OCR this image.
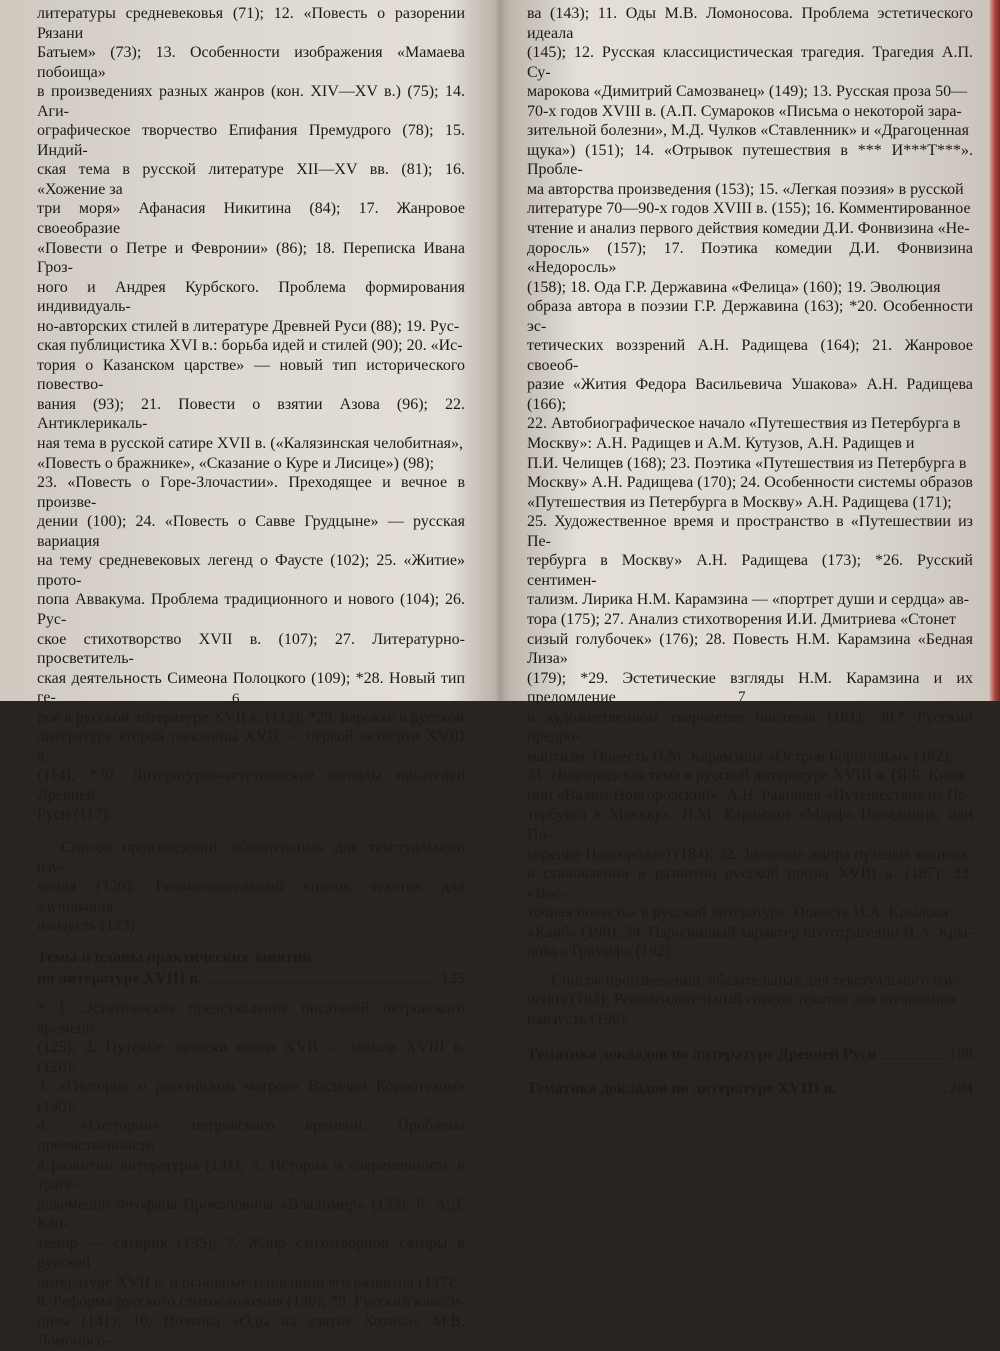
литературы средневековья (71); 12. «Повесть о разорении Рязани
Батыем» (73); 13. Особенности изображения «Мамаева побоища»
в произведениях разных жанров (кон. XIV—XV в.) (75); 14. Аги-
ографическое творчество Епифания Премудрого (78); 15. Индий-
ская тема в русской литературе XII—XV вв. (81); 16. «Хожение за
три моря» Афанасия Никитина (84); 17. Жанровое своеобразие
«Повести о Петре и Февронии» (86); 18. Переписка Ивана Гроз-
ного и Андрея Курбского. Проблема формирования индивидуаль-
но-авторских стилей в литературе Древней Руси (88); 19. Рус-
ская публицистика XVI в.: борьба идей и стилей (90); 20. «Ис-
тория о Казанском царстве» — новый тип исторического повество-
вания (93); 21. Повести о взятии Азова (96); 22. Антиклерикаль-
ная тема в русской сатире XVII в. («Калязинская челобитная»,
«Повесть о бражнике», «Сказание о Куре и Лисице») (98);
23. «Повесть о Горе-Злочастии». Преходящее и вечное в произве-
дении (100); 24. «Повесть о Савве Грудцыне» — русская вариация
на тему средневековых легенд о Фаусте (102); 25. «Житие» прото-
попа Аввакума. Проблема традиционного и нового (104); 26. Рус-
ское стихотворство XVII в. (107); 27. Литературно-просветитель-
ская деятельность Симеона Полоцкого (109); *28. Новый тип ге-
роя в русской литературе XVII в. (112); *29. Барокко в русской
литературе второй половины XVII — первой четверти XVIII в.
(114); *30. Литературно-эстетические взгляды писателей Древней
Руси (117).
Список произведений, обязательных для текстуального изу-
чения (120); Рекомендательный список текстов для заучивания
наизусть (123).
Темы и планы практических занятий
по литературе XVIII в.	125
* 1. Эстетические представления писателей петровского времени
(125); 2. Путевые записки конца XVII — начала XVIII в. (126);
3. «Гистория о российском матросе Василии Кориотском» (130);
4. «Гистории» петровского времени. Проблема преемственности
в развитии литературы (131); 5. История и современность в траге-
докомедии Феофана Прокоповича «Владимир» (133); 6. А.Д. Кан-
темир — сатирик (135); 7. Жанр стихотворной сатиры в русской
литературе XVII в. и основные тенденции его развития (137);
8. Реформа русского стихосложения (139); *9. Русский класси-
цизм (141); 10. Поэтика «Оды на взятие Хотина» М.В. Ломоносо-
6
ва (143); 11. Оды М.В. Ломоносова. Проблема эстетического идеала
(145); 12. Русская классицистическая трагедия. Трагедия А.П. Су-
марокова «Димитрий Самозванец» (149); 13. Русская проза 50—
70-х годов XVIII в. (А.П. Сумароков «Письма о некоторой зара-
зительной болезни», М.Д. Чулков «Ставленник» и «Драгоценная
щука») (151); 14. «Отрывок путешествия в *** И***Т***». Пробле-
ма авторства произведения (153); 15. «Легкая поэзия» в русской
литературе 70—90-х годов XVIII в. (155); 16. Комментированное
чтение и анализ первого действия комедии Д.И. Фонвизина «Не-
доросль» (157); 17. Поэтика комедии Д.И. Фонвизина «Недоросль»
(158); 18. Ода Г.Р. Державина «Фелица» (160); 19. Эволюция
образа автора в поэзии Г.Р. Державина (163); *20. Особенности эс-
тетических воззрений А.Н. Радищева (164); 21. Жанровое своеоб-
разие «Жития Федора Васильевича Ушакова» А.Н. Радищева (166);
22. Автобиографическое начало «Путешествия из Петербурга в
Москву»: А.Н. Радищев и А.М. Кутузов, А.Н. Радищев и
П.И. Челищев (168); 23. Поэтика «Путешествия из Петербурга в
Москву» А.Н. Радищева (170); 24. Особенности системы образов
«Путешествия из Петербурга в Москву» А.Н. Радищева (171);
25. Художественное время и пространство в «Путешествии из Пе-
тербурга в Москву» А.Н. Радищева (173); *26. Русский сентимен-
тализм. Лирика Н.М. Карамзина — «портрет души и сердца» ав-
тора (175); 27. Анализ стихотворения И.И. Дмитриева «Стонет
сизый голубочек» (176); 28. Повесть Н.М. Карамзина «Бедная Лиза»
(179); *29. Эстетические взгляды Н.М. Карамзина и их преломление
в художественном творчестве писателя (181); 30.* Русский предро-
мантизм. Повесть Н.М. Карамзина «Остров Борнгольм» (182);
31. Новгородская тема в русской литературе XVIII в. (Я.Б. Княж-
нин «Вадим Новгородский», А.Н. Радищев «Путешествие из Пе-
тербурга в Москву», Н.М. Карамзин «Марфа Посадница, или По-
корение Новгорода») (184); 32. Значение жанра путевых записок
в становлении и развитии русской прозы XVIII в. (187); 33. «Вос-
точная повесть» в русской литературе. Повесть И.А. Крылова
«Каиб» (190); 34. Пародийный характер шутотрагедии И.А. Кры-
лова «Триумф» (192).
Список произведений, обязательных для текстуального изу-
чения (193); Рекомендательный список текстов для заучивания
наизусть (196).
Тематика докладов по литературе Древней Руси	198
Тематика докладов по литературе XVIII в.	204
7	www.ay.by
